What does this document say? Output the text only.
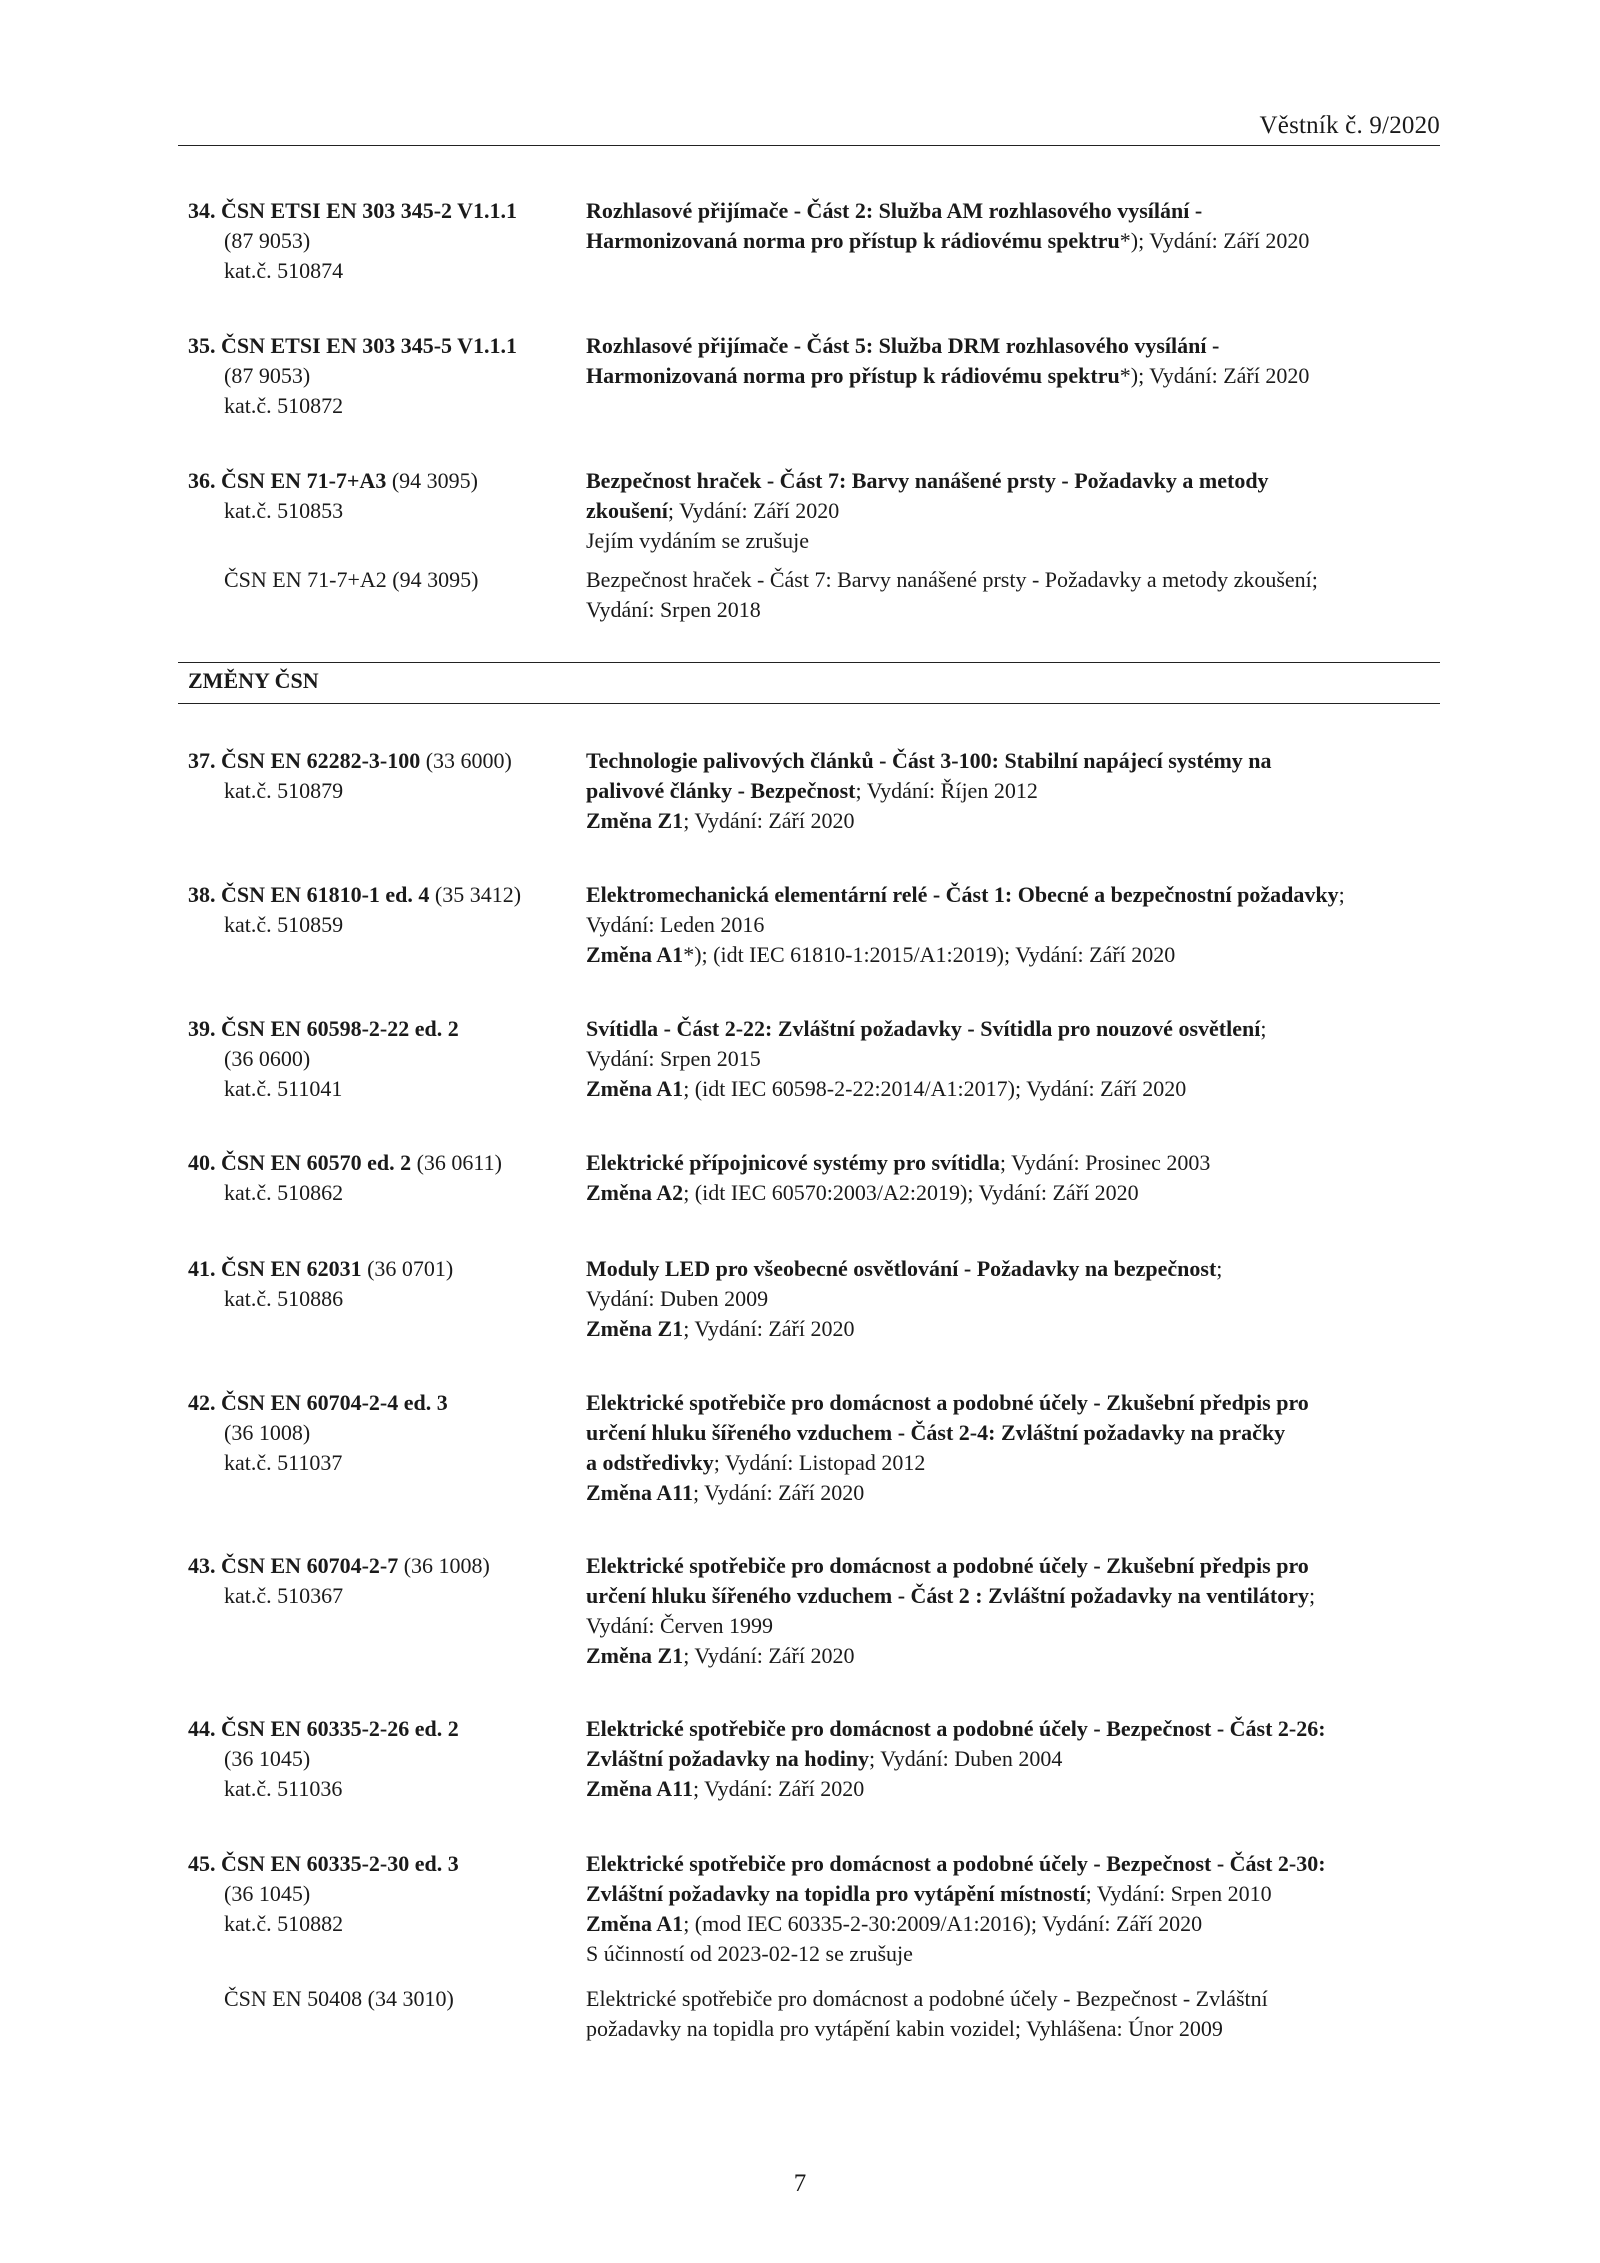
Věstník č. 9/2020
34. ČSN ETSI EN 303 345-2 V1.1.1
(87 9053)
kat.č. 510874
Rozhlasové přijímače - Část 2: Služba AM rozhlasového vysílání -
Harmonizovaná norma pro přístup k rádiovému spektru*); Vydání: Září 2020
35. ČSN ETSI EN 303 345-5 V1.1.1
(87 9053)
kat.č. 510872
Rozhlasové přijímače - Část 5: Služba DRM rozhlasového vysílání -
Harmonizovaná norma pro přístup k rádiovému spektru*); Vydání: Září 2020
36. ČSN EN 71-7+A3 (94 3095)
kat.č. 510853
Bezpečnost hraček - Část 7: Barvy nanášené prsty - Požadavky a metody
zkoušení; Vydání: Září 2020
Jejím vydáním se zrušuje
ČSN EN 71-7+A2 (94 3095)	Bezpečnost hraček - Část 7: Barvy nanášené prsty - Požadavky a metody zkoušení;
Vydání: Srpen 2018
ZMĚNY ČSN
37. ČSN EN 62282-3-100 (33 6000)
kat.č. 510879
Technologie palivových článků - Část 3-100: Stabilní napájecí systémy na
palivové články - Bezpečnost; Vydání: Říjen 2012
Změna Z1; Vydání: Září 2020
38. ČSN EN 61810-1 ed. 4 (35 3412)
kat.č. 510859
Elektromechanická elementární relé - Část 1: Obecné a bezpečnostní požadavky;
Vydání: Leden 2016
Změna A1*); (idt IEC 61810-1:2015/A1:2019); Vydání: Září 2020
39. ČSN EN 60598-2-22 ed. 2
(36 0600)
kat.č. 511041
Svítidla - Část 2-22: Zvláštní požadavky - Svítidla pro nouzové osvětlení;
Vydání: Srpen 2015
Změna A1; (idt IEC 60598-2-22:2014/A1:2017); Vydání: Září 2020
40. ČSN EN 60570 ed. 2 (36 0611)
kat.č. 510862
Elektrické přípojnicové systémy pro svítidla; Vydání: Prosinec 2003
Změna A2; (idt IEC 60570:2003/A2:2019); Vydání: Září 2020
41. ČSN EN 62031 (36 0701)
kat.č. 510886
Moduly LED pro všeobecné osvětlování - Požadavky na bezpečnost;
Vydání: Duben 2009
Změna Z1; Vydání: Září 2020
42. ČSN EN 60704-2-4 ed. 3
(36 1008)
kat.č. 511037
Elektrické spotřebiče pro domácnost a podobné účely - Zkušební předpis pro
určení hluku šířeného vzduchem - Část 2-4: Zvláštní požadavky na pračky
a odstředivky; Vydání: Listopad 2012
Změna A11; Vydání: Září 2020
43. ČSN EN 60704-2-7 (36 1008)
kat.č. 510367
Elektrické spotřebiče pro domácnost a podobné účely - Zkušební předpis pro
určení hluku šířeného vzduchem - Část 2 : Zvláštní požadavky na ventilátory;
Vydání: Červen 1999
Změna Z1; Vydání: Září 2020
44. ČSN EN 60335-2-26 ed. 2
(36 1045)
kat.č. 511036
Elektrické spotřebiče pro domácnost a podobné účely - Bezpečnost - Část 2-26:
Zvláštní požadavky na hodiny; Vydání: Duben 2004
Změna A11; Vydání: Září 2020
45. ČSN EN 60335-2-30 ed. 3
(36 1045)
kat.č. 510882
Elektrické spotřebiče pro domácnost a podobné účely - Bezpečnost - Část 2-30:
Zvláštní požadavky na topidla pro vytápění místností; Vydání: Srpen 2010
Změna A1; (mod IEC 60335-2-30:2009/A1:2016); Vydání: Září 2020
S účinností od 2023-02-12 se zrušuje
ČSN EN 50408 (34 3010)	Elektrické spotřebiče pro domácnost a podobné účely - Bezpečnost - Zvláštní
požadavky na topidla pro vytápění kabin vozidel; Vyhlášena: Únor 2009
7
